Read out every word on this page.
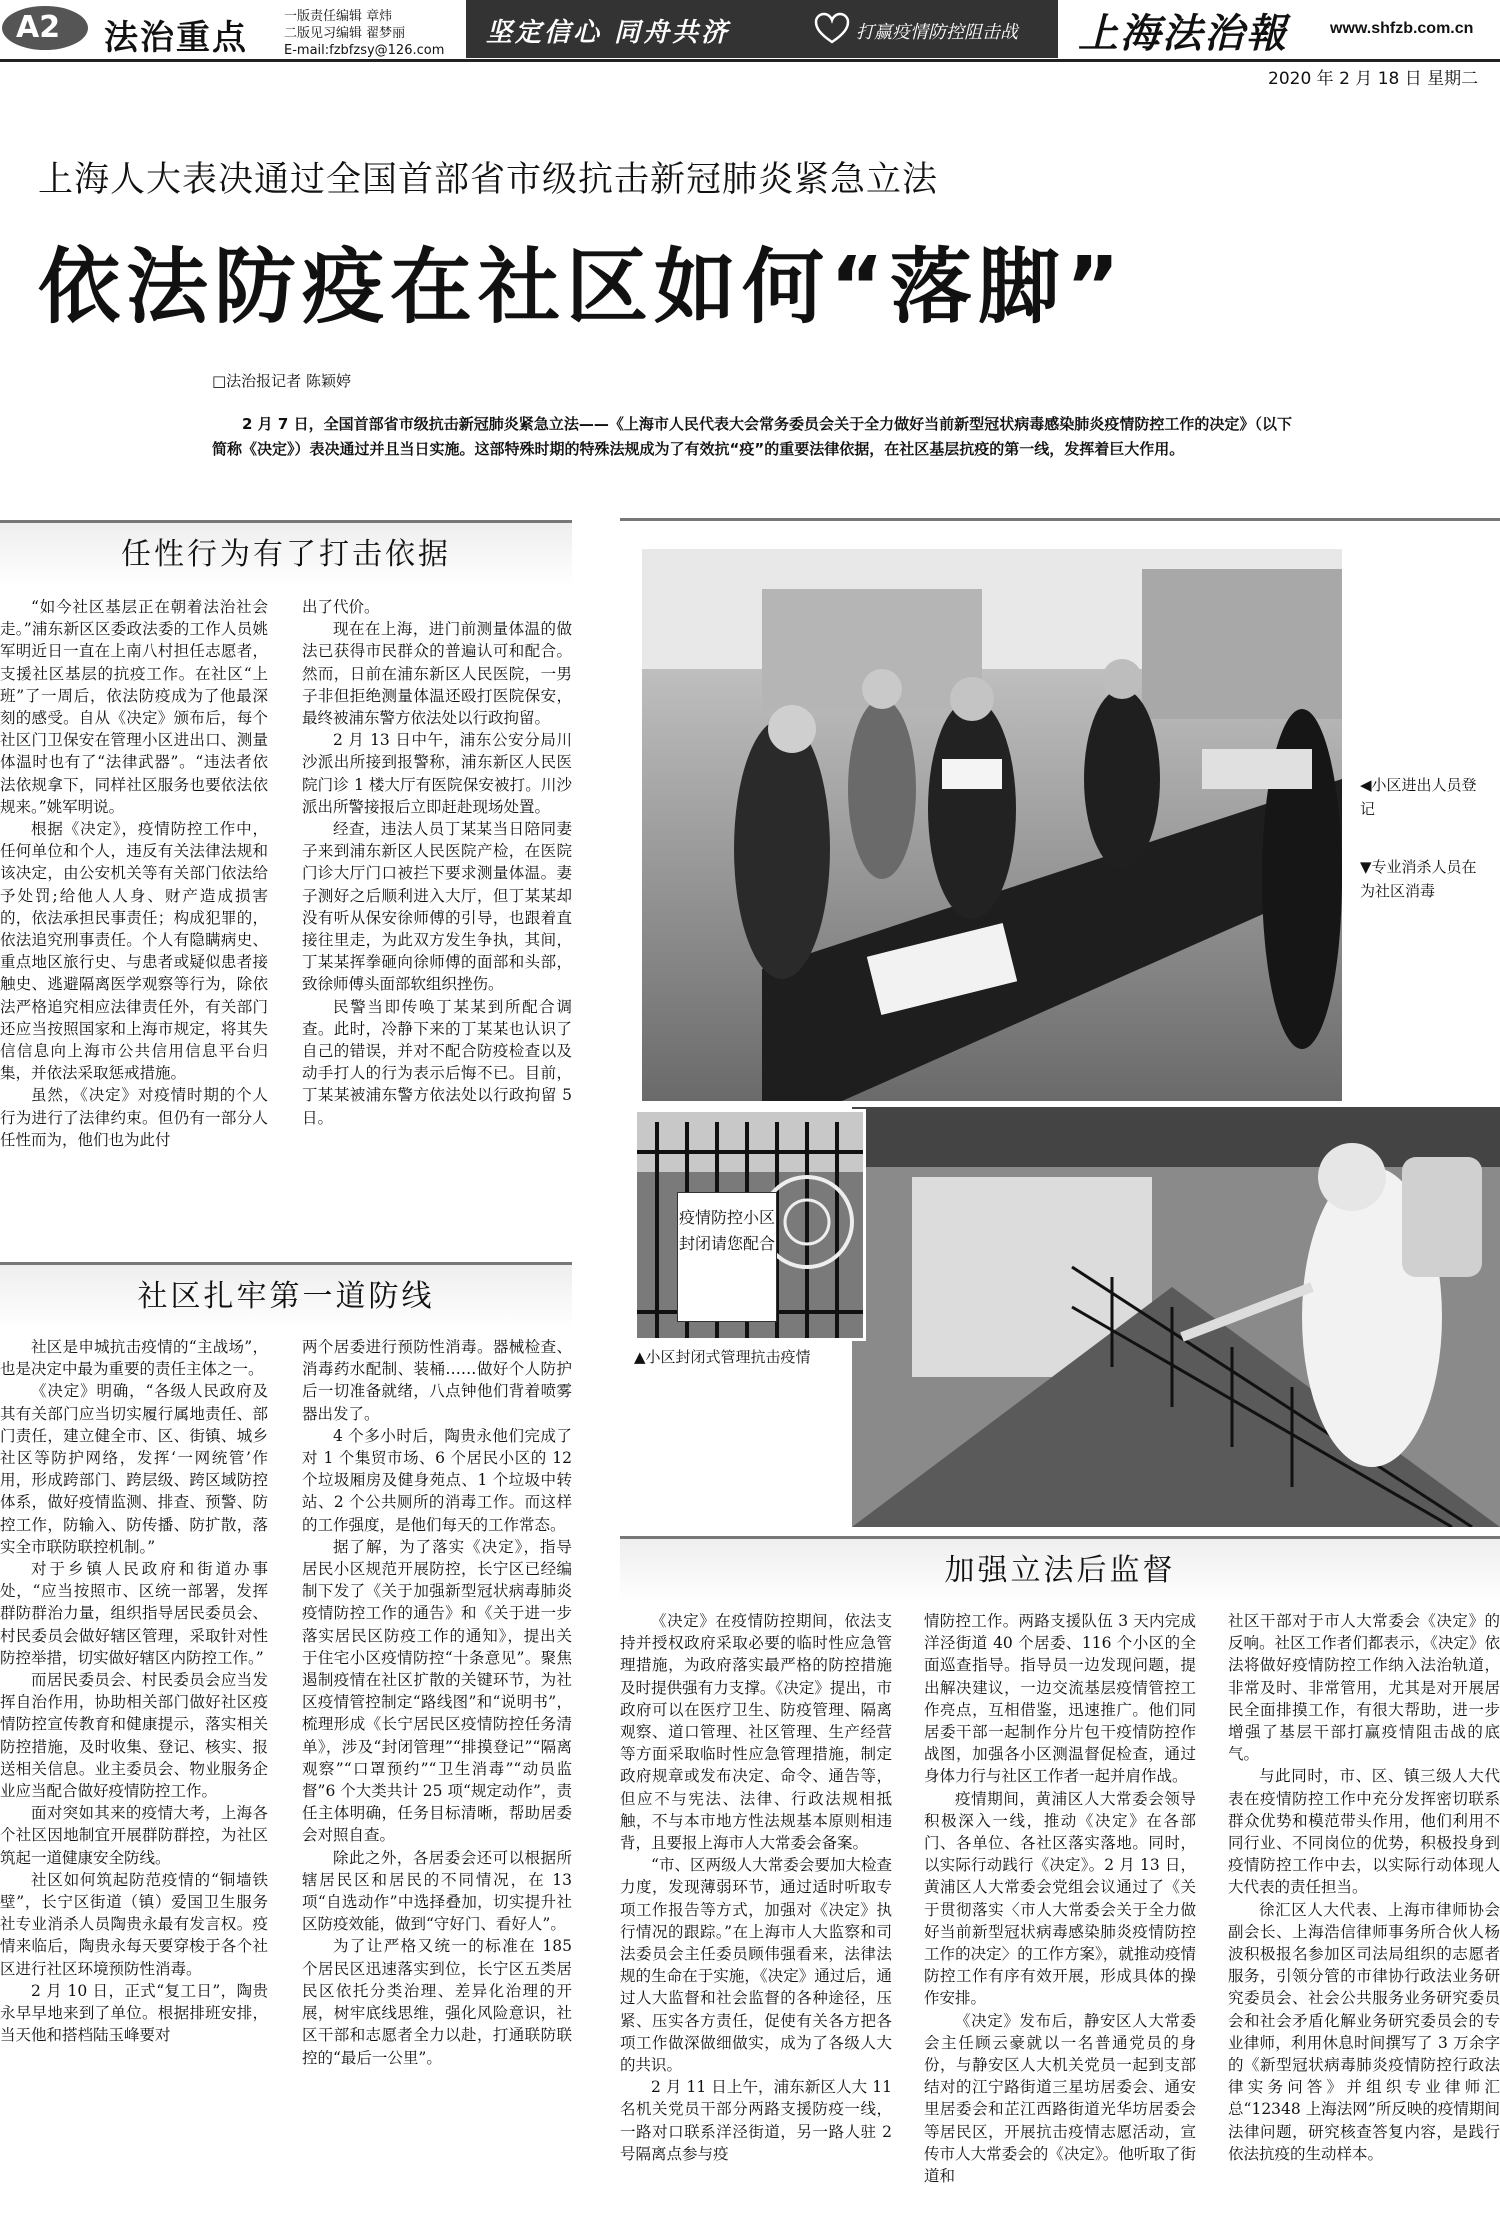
A2 法治重点
一版责任编辑 章炜
二版见习编辑 翟梦丽
E-mail:fzbfzsy@126.com
坚定信心 同舟共济	打赢疫情防控阻击战 上海法治報	www.shfzb.com.cn
2020 年 2 月 18 日 星期二
上海人大表决通过全国首部省市级抗击新冠肺炎紧急立法
依法防疫在社区如何“落脚”
□法治报记者 陈颖婷
2 月 7 日，全国首部省市级抗击新冠肺炎紧急立法——《上海市人民代表大会常务委员会关于全力做好当前新型冠状病毒感染肺炎疫情防控工作的决定》（以下简称《决定》）表决通过并且当日实施。这部特殊时期的特殊法规成为了有效抗“疫”的重要法律依据，在社区基层抗疫的第一线，发挥着巨大作用。
任性行为有了打击依据

“如今社区基层正在朝着法治社会走。”浦东新区区委政法委的工作人员姚军明近日一直在上南八村担任志愿者，支援社区基层的抗疫工作。在社区“上班”了一周后，依法防疫成为了他最深刻的感受。自从《决定》颁布后，每个社区门卫保安在管理小区进出口、测量体温时也有了“法律武器”。“违法者依法依规拿下，同样社区服务也要依法依规来。”姚军明说。

根据《决定》，疫情防控工作中，任何单位和个人，违反有关法律法规和该决定，由公安机关等有关部门依法给予处罚;给他人人身、财产造成损害的，依法承担民事责任；构成犯罪的，依法追究刑事责任。个人有隐瞒病史、重点地区旅行史、与患者或疑似患者接触史、逃避隔离医学观察等行为，除依法严格追究相应法律责任外，有关部门还应当按照国家和上海市规定，将其失信信息向上海市公共信用信息平台归集，并依法采取惩戒措施。

虽然，《决定》对疫情时期的个人行为进行了法律约束。但仍有一部分人任性而为，他们也为此付

出了代价。

现在在上海，进门前测量体温的做法已获得市民群众的普遍认可和配合。然而，日前在浦东新区人民医院，一男子非但拒绝测量体温还殴打医院保安，最终被浦东警方依法处以行政拘留。

2 月 13 日中午，浦东公安分局川沙派出所接到报警称，浦东新区人民医院门诊 1 楼大厅有医院保安被打。川沙派出所警接报后立即赶赴现场处置。

经查，违法人员丁某某当日陪同妻子来到浦东新区人民医院产检，在医院门诊大厅门口被拦下要求测量体温。妻子测好之后顺利进入大厅，但丁某某却没有听从保安徐师傅的引导，也跟着直接往里走，为此双方发生争执，其间，丁某某挥拳砸向徐师傅的面部和头部，致徐师傅头面部软组织挫伤。

民警当即传唤丁某某到所配合调查。此时，冷静下来的丁某某也认识了自己的错误，并对不配合防疫检查以及动手打人的行为表示后悔不已。目前，丁某某被浦东警方依法处以行政拘留 5 日。

社区扎牢第一道防线

社区是申城抗击疫情的“主战场”，也是决定中最为重要的责任主体之一。

《决定》明确，“各级人民政府及其有关部门应当切实履行属地责任、部门责任，建立健全市、区、街镇、城乡社区等防护网络，发挥‘一网统管’作用，形成跨部门、跨层级、跨区域防控体系，做好疫情监测、排查、预警、防控工作，防输入、防传播、防扩散，落实全市联防联控机制。”

对于乡镇人民政府和街道办事处，“应当按照市、区统一部署，发挥群防群治力量，组织指导居民委员会、村民委员会做好辖区管理，采取针对性防控举措，切实做好辖区内防控工作。”

而居民委员会、村民委员会应当发挥自治作用，协助相关部门做好社区疫情防控宣传教育和健康提示，落实相关防控措施，及时收集、登记、核实、报送相关信息。业主委员会、物业服务企业应当配合做好疫情防控工作。

面对突如其来的疫情大考，上海各个社区因地制宜开展群防群控，为社区筑起一道健康安全防线。

社区如何筑起防范疫情的“铜墙铁壁”，长宁区街道（镇）爱国卫生服务社专业消杀人员陶贵永最有发言权。疫情来临后，陶贵永每天要穿梭于各个社区进行社区环境预防性消毒。

2 月 10 日，正式“复工日”，陶贵永早早地来到了单位。根据排班安排，当天他和搭档陆玉峰要对

两个居委进行预防性消毒。器械检查、消毒药水配制、装桶……做好个人防护后一切准备就绪，八点钟他们背着喷雾器出发了。

4 个多小时后，陶贵永他们完成了对 1 个集贸市场、6 个居民小区的 12 个垃圾厢房及健身苑点、1 个垃圾中转站、2 个公共厕所的消毒工作。而这样的工作强度，是他们每天的工作常态。

据了解，为了落实《决定》，指导居民小区规范开展防控，长宁区已经编制下发了《关于加强新型冠状病毒肺炎疫情防控工作的通告》和《关于进一步落实居民区防疫工作的通知》，提出关于住宅小区疫情防控“十条意见”。聚焦遏制疫情在社区扩散的关键环节，为社区疫情管控制定“路线图”和“说明书”，梳理形成《长宁居民区疫情防控任务清单》，涉及“封闭管理”“排摸登记”“隔离观察”“口罩预约”“卫生消毒”“动员监督”6 个大类共计 25 项“规定动作”，责任主体明确，任务目标清晰，帮助居委会对照自查。

除此之外，各居委会还可以根据所辖居民区和居民的不同情况，在 13 项“自选动作”中选择叠加，切实提升社区防疫效能，做到“守好门、看好人”。

为了让严格又统一的标准在 185 个居民区迅速落实到位，长宁区五类居民区依托分类治理、差异化治理的开展，树牢底线思维，强化风险意识，社区干部和志愿者全力以赴，打通联防联控的“最后一公里”。

◀小区进出人员登记
▼专业消杀人员在为社区消毒
疫情防控小区封闭请您配合
▲小区封闭式管理抗击疫情
加强立法后监督

《决定》在疫情防控期间，依法支持并授权政府采取必要的临时性应急管理措施，为政府落实最严格的防控措施及时提供强有力支撑。《决定》提出，市政府可以在医疗卫生、防疫管理、隔离观察、道口管理、社区管理、生产经营等方面采取临时性应急管理措施，制定政府规章或发布决定、命令、通告等，但应不与宪法、法律、行政法规相抵触，不与本市地方性法规基本原则相违背，且要报上海市人大常委会备案。

“市、区两级人大常委会要加大检查力度，发现薄弱环节，通过适时听取专项工作报告等方式，加强对《决定》执行情况的跟踪。”在上海市人大监察和司法委员会主任委员顾伟强看来，法律法规的生命在于实施，《决定》通过后，通过人大监督和社会监督的各种途径，压紧、压实各方责任，促使有关各方把各项工作做深做细做实，成为了各级人大的共识。

2 月 11 日上午，浦东新区人大 11 名机关党员干部分两路支援防疫一线，一路对口联系洋泾街道，另一路人驻 2 号隔离点参与疫

情防控工作。两路支援队伍 3 天内完成洋泾街道 40 个居委、116 个小区的全面巡查指导。指导员一边发现问题，提出解决建议，一边交流基层疫情管控工作亮点，互相借鉴，迅速推广。他们同居委干部一起制作分片包干疫情防控作战图，加强各小区测温督促检查，通过身体力行与社区工作者一起并肩作战。

疫情期间，黄浦区人大常委会领导积极深入一线，推动《决定》在各部门、各单位、各社区落实落地。同时，以实际行动践行《决定》。2 月 13 日，黄浦区人大常委会党组会议通过了《关于贯彻落实〈市人大常委会关于全力做好当前新型冠状病毒感染肺炎疫情防控工作的决定〉的工作方案》，就推动疫情防控工作有序有效开展，形成具体的操作安排。

《决定》发布后，静安区人大常委会主任顾云豪就以一名普通党员的身份，与静安区人大机关党员一起到支部结对的江宁路街道三星坊居委会、通安里居委会和芷江西路街道光华坊居委会等居民区，开展抗击疫情志愿活动，宣传市人大常委会的《决定》。他听取了街道和

社区干部对于市人大常委会《决定》的反响。社区工作者们都表示，《决定》依法将做好疫情防控工作纳入法治轨道，非常及时、非常管用，尤其是对开展居民全面排摸工作，有很大帮助，进一步增强了基层干部打赢疫情阻击战的底气。

与此同时，市、区、镇三级人大代表在疫情防控工作中充分发挥密切联系群众优势和模范带头作用，他们利用不同行业、不同岗位的优势，积极投身到疫情防控工作中去，以实际行动体现人大代表的责任担当。

徐汇区人大代表、上海市律师协会副会长、上海浩信律师事务所合伙人杨波积极报名参加区司法局组织的志愿者服务，引领分管的市律协行政法业务研究委员会、社会公共服务业务研究委员会和社会矛盾化解业务研究委员会的专业律师，利用休息时间撰写了 3 万余字的《新型冠状病毒肺炎疫情防控行政法律实务问答》并组织专业律师汇总“12348 上海法网”所反映的疫情期间法律问题，研究核查答复内容，是践行依法抗疫的生动样本。
